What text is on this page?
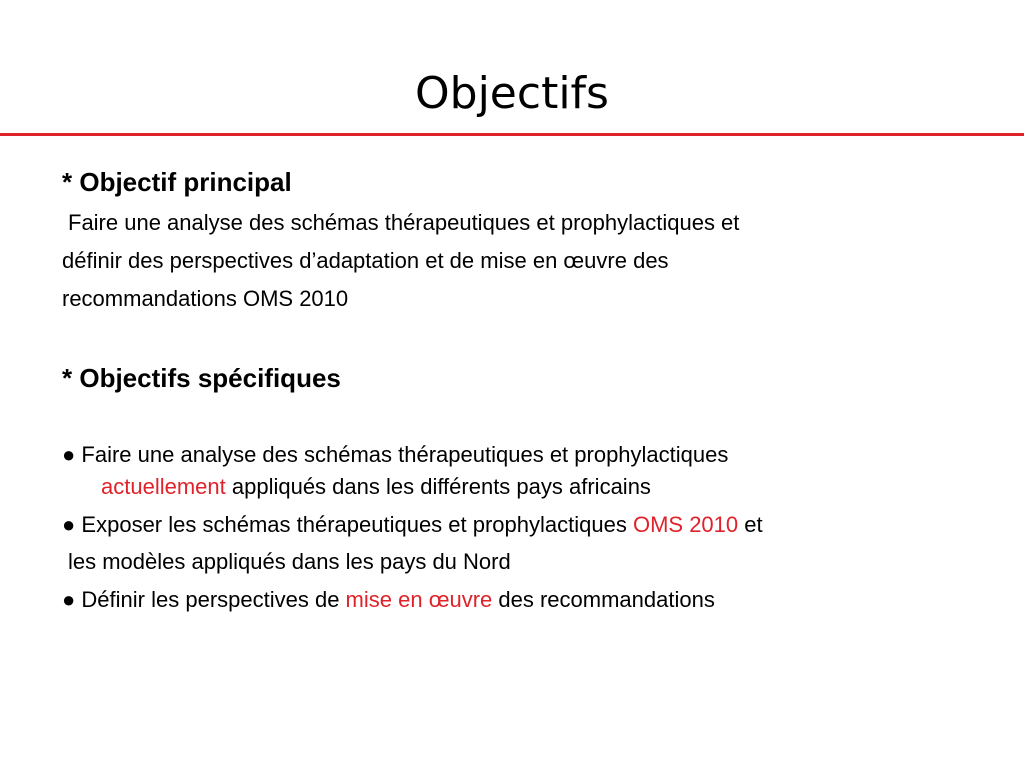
Objectifs
* Objectif principal
Faire une analyse des schémas thérapeutiques et prophylactiques et
définir des perspectives d’adaptation et de mise en œuvre des
recommandations OMS 2010
* Objectifs spécifiques
● Faire une analyse des schémas thérapeutiques et prophylactiques
actuellement appliqués dans les différents pays africains
● Exposer les schémas thérapeutiques et prophylactiques OMS 2010 et
les modèles appliqués dans les pays du Nord
● Définir les perspectives de mise en œuvre des recommandations
